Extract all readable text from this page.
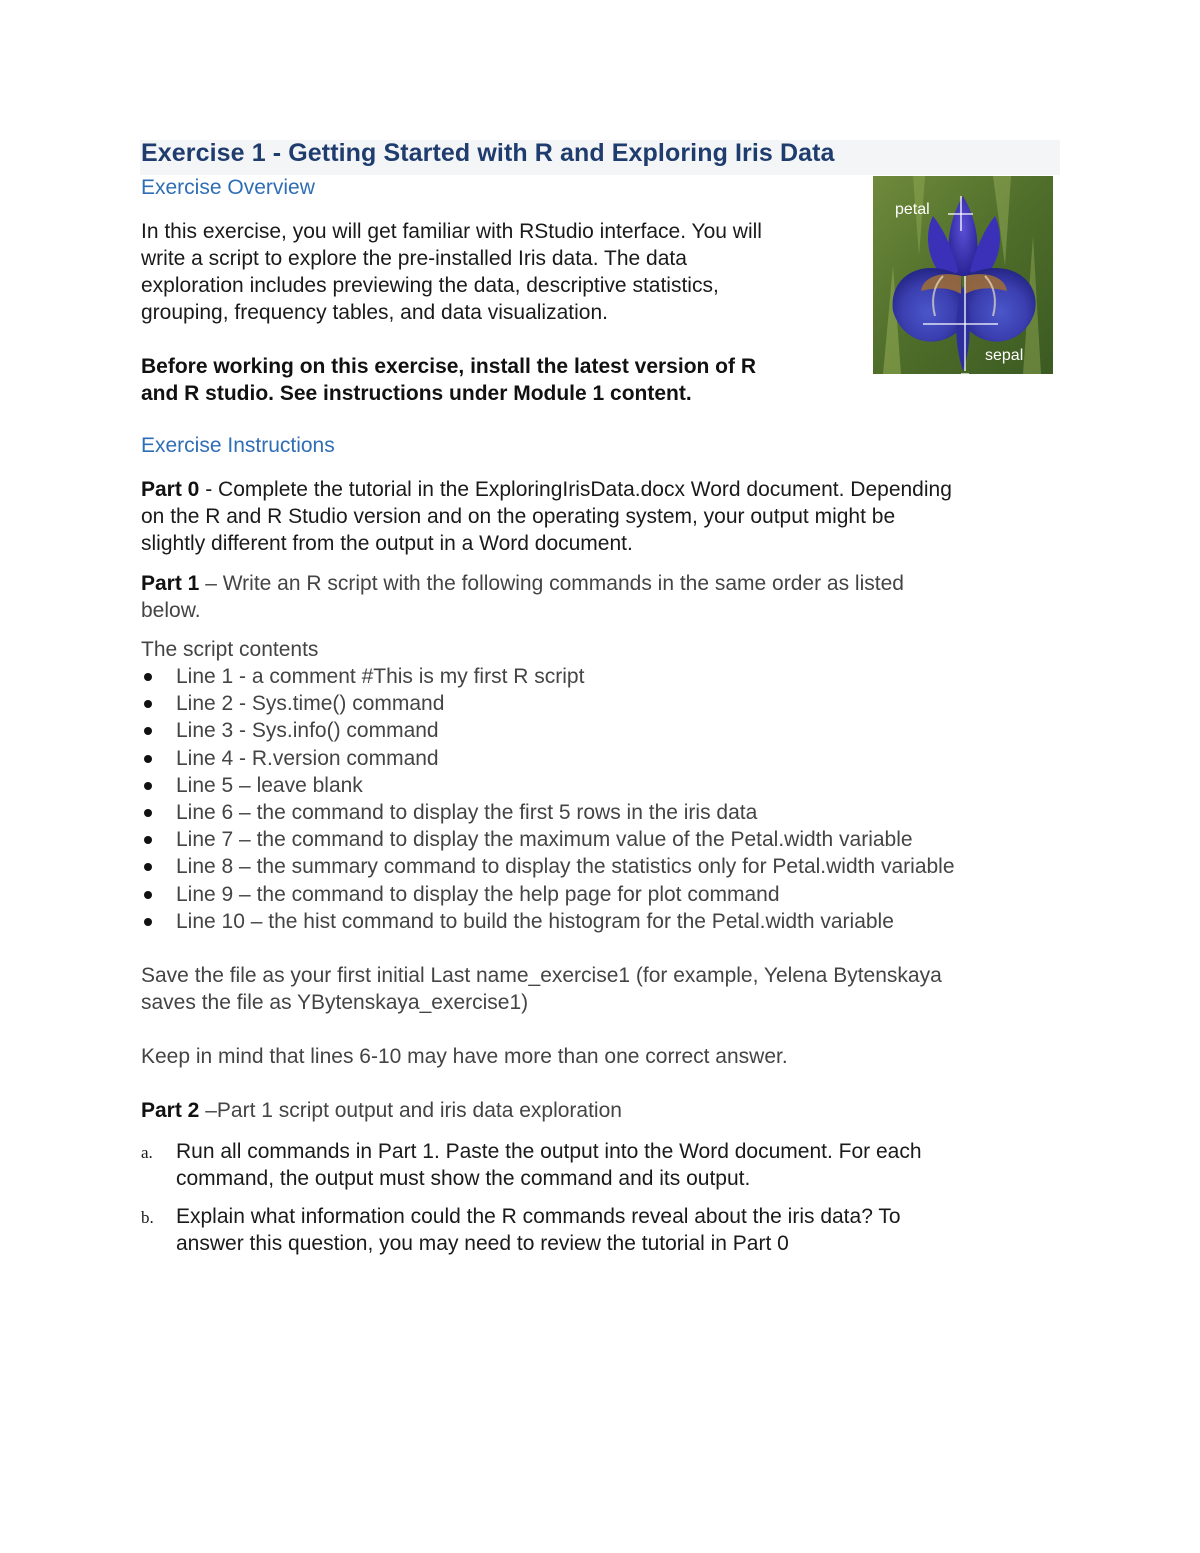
Exercise 1 - Getting Started with R and Exploring Iris Data
Exercise Overview
In this exercise, you will get familiar with RStudio interface. You will
write a script to explore the pre-installed Iris data. The data
exploration includes previewing the data, descriptive statistics,
grouping, frequency tables, and data visualization.
Before working on this exercise, install the latest version of R
and R studio. See instructions under Module 1 content.
petal
sepal
Exercise Instructions
Part 0 - Complete the tutorial in the ExploringIrisData.docx Word document. Depending
on the R and R Studio version and on the operating system, your output might be
slightly different from the output in a Word document.
Part 1 – Write an R script with the following commands in the same order as listed
below.
The script contents
Line 1 - a comment #This is my first R script
Line 2 - Sys.time() command
Line 3 - Sys.info() command
Line 4 - R.version command
Line 5 – leave blank
Line 6 – the command to display the first 5 rows in the iris data
Line 7 – the command to display the maximum value of the Petal.width variable
Line 8 – the summary command to display the statistics only for Petal.width variable
Line 9 – the command to display the help page for plot command
Line 10 – the hist command to build the histogram for the Petal.width variable
Save the file as your first initial Last name_exercise1 (for example, Yelena Bytenskaya
saves the file as YBytenskaya_exercise1)
Keep in mind that lines 6-10 may have more than one correct answer.
Part 2 –Part 1 script output and iris data exploration
a. Run all commands in Part 1. Paste the output into the Word document. For each
command, the output must show the command and its output.
b. Explain what information could the R commands reveal about the iris data? To
answer this question, you may need to review the tutorial in Part 0
